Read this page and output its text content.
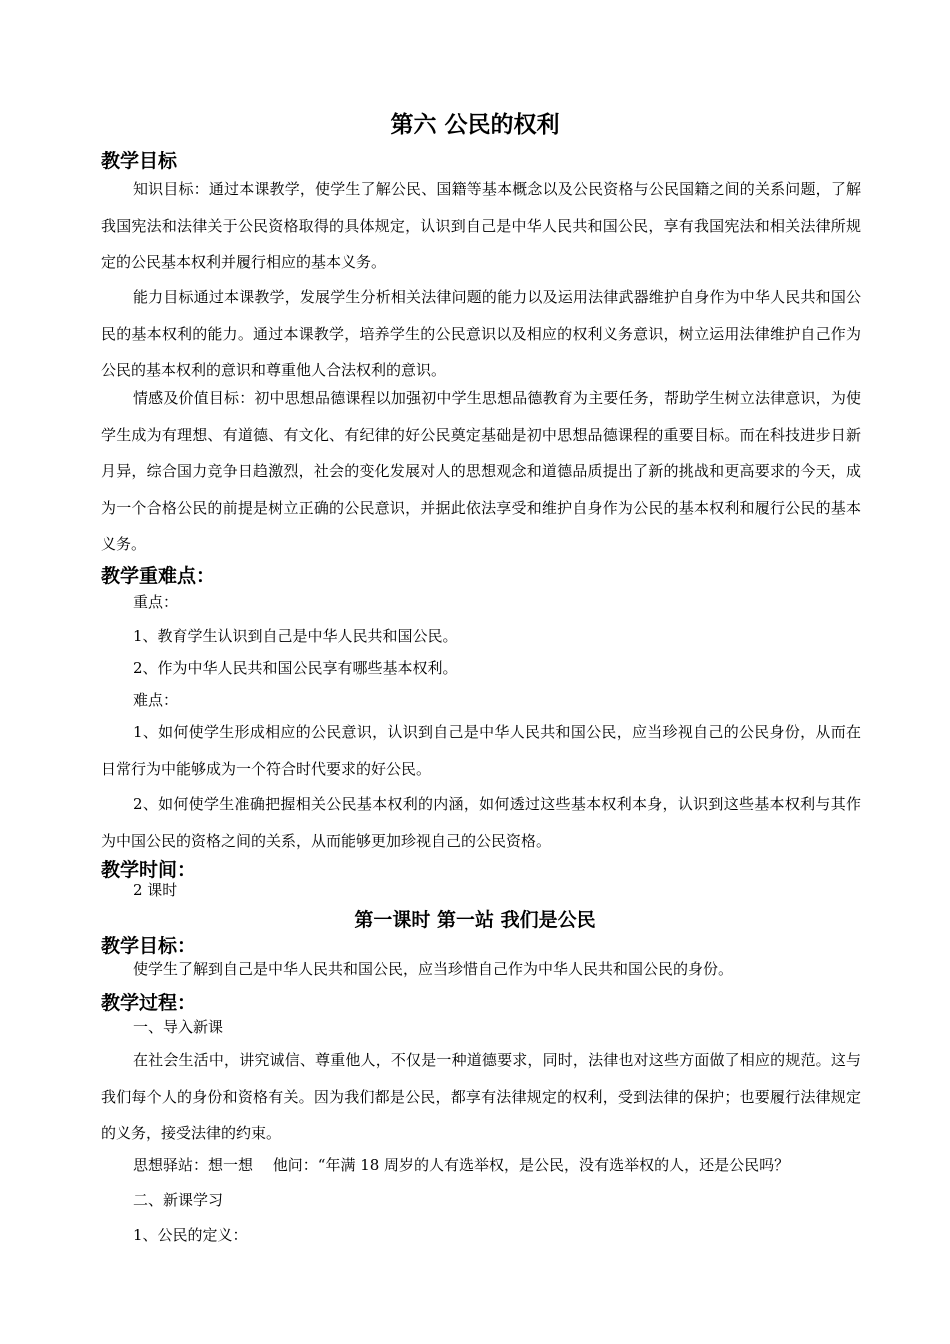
第六 公民的权利
教学目标
知识目标：通过本课教学，使学生了解公民、国籍等基本概念以及公民资格与公民国籍之间的关系问题，了解我国宪法和法律关于公民资格取得的具体规定，认识到自己是中华人民共和国公民，享有我国宪法和相关法律所规定的公民基本权利并履行相应的基本义务。
能力目标通过本课教学，发展学生分析相关法律问题的能力以及运用法律武器维护自身作为中华人民共和国公民的基本权利的能力。通过本课教学，培养学生的公民意识以及相应的权利义务意识，树立运用法律维护自己作为公民的基本权利的意识和尊重他人合法权利的意识。
情感及价值目标：初中思想品德课程以加强初中学生思想品德教育为主要任务，帮助学生树立法律意识，为使学生成为有理想、有道德、有文化、有纪律的好公民奠定基础是初中思想品德课程的重要目标。而在科技进步日新月异，综合国力竞争日趋激烈，社会的变化发展对人的思想观念和道德品质提出了新的挑战和更高要求的今天，成为一个合格公民的前提是树立正确的公民意识，并据此依法享受和维护自身作为公民的基本权利和履行公民的基本义务。
教学重难点：
重点：
1、教育学生认识到自己是中华人民共和国公民。
2、作为中华人民共和国公民享有哪些基本权利。
难点：
1、如何使学生形成相应的公民意识，认识到自己是中华人民共和国公民，应当珍视自己的公民身份，从而在日常行为中能够成为一个符合时代要求的好公民。
2、如何使学生准确把握相关公民基本权利的内涵，如何透过这些基本权利本身，认识到这些基本权利与其作为中国公民的资格之间的关系，从而能够更加珍视自己的公民资格。
教学时间：
2 课时
第一课时 第一站 我们是公民
教学目标：
使学生了解到自己是中华人民共和国公民，应当珍惜自己作为中华人民共和国公民的身份。
教学过程：
一、导入新课
在社会生活中，讲究诚信、尊重他人，不仅是一种道德要求，同时，法律也对这些方面做了相应的规范。这与我们每个人的身份和资格有关。因为我们都是公民，都享有法律规定的权利，受到法律的保护；也要履行法律规定的义务，接受法律的约束。
思想驿站：想一想　 他问：“年满 18 周岁的人有选举权，是公民，没有选举权的人，还是公民吗？
二、新课学习
1、公民的定义：
